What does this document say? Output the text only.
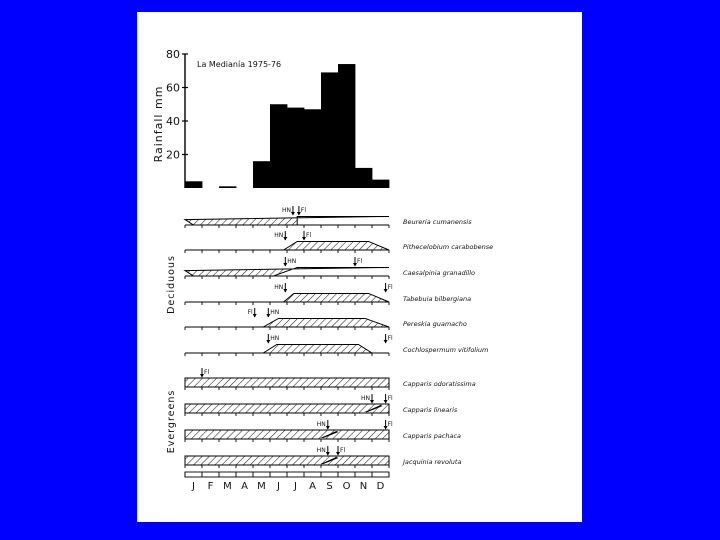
La Medianía 1975-76
Rainfall mm 20
40
60
80
HN Fl
Beureria cumanensis
HN	Fl
Pithecelobium carabobense
HN	Fl
Caesalpinia granadillo
HN	Fl
Tabebuia bilbergiana
Fl	HN
Pereskia guamacho
HN	Fl
Cochlospermum vitifolium
Fl
Capparis odoratissima
HN	Fl
Capparis linearis
HN	Fl
Capparis pachaca
HN Fl
Jacquinia revoluta
J F M A M J J A S O N D
Deciduous
Evergreens
